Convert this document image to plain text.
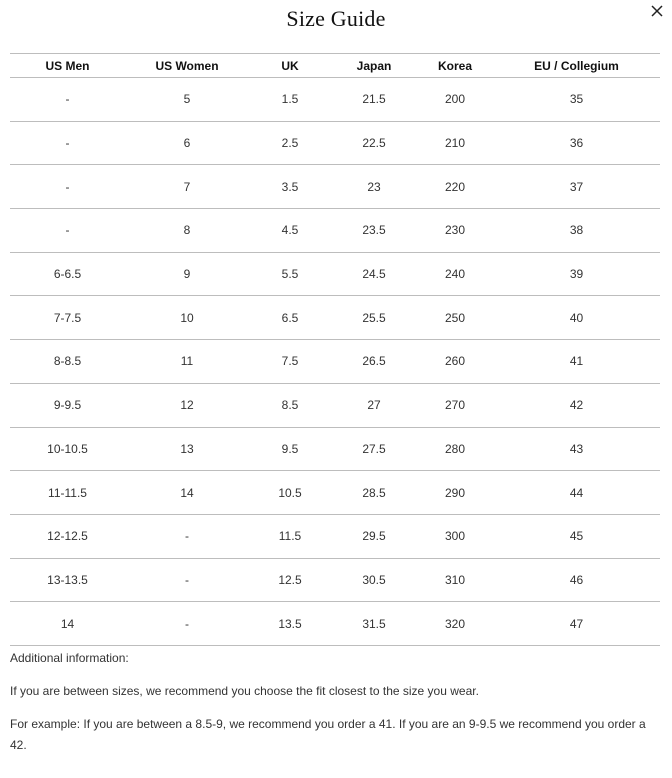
Size Guide
US Men	US Women	UK	Japan	Korea	EU / Collegium
-	5	1.5	21.5	200	35
-	6	2.5	22.5	210	36
-	7	3.5	23	220	37
-	8	4.5	23.5	230	38
6-6.5	9	5.5	24.5	240	39
7-7.5	10	6.5	25.5	250	40
8-8.5	11	7.5	26.5	260	41
9-9.5	12	8.5	27	270	42
10-10.5	13	9.5	27.5	280	43
11-11.5	14	10.5	28.5	290	44
12-12.5	-	11.5	29.5	300	45
13-13.5	-	12.5	30.5	310	46
14	-	13.5	31.5	320	47

Additional information:

If you are between sizes, we recommend you choose the fit closest to the size you wear.

For example: If you are between a 8.5-9, we recommend you order a 41. If you are an 9-9.5 we recommend you order a 42.
